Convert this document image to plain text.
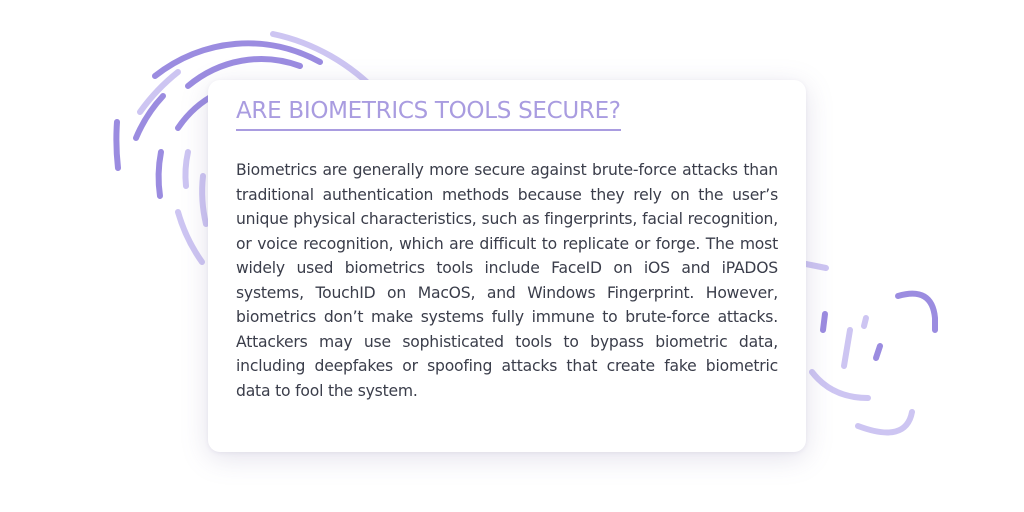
ARE BIOMETRICS TOOLS SECURE?

Biometrics are generally more secure against brute-force attacks than traditional authentication methods because they rely on the user’s unique physical characteristics, such as fingerprints, facial recognition, or voice recognition, which are difficult to replicate or forge. The most widely used biometrics tools include FaceID on iOS and iPADOS systems, TouchID on MacOS, and Windows Fingerprint. However, biometrics don’t make systems fully immune to brute-force attacks. Attackers may use sophisticated tools to bypass biometric data, including deepfakes or spoofing attacks that create fake biometric data to fool the system.
